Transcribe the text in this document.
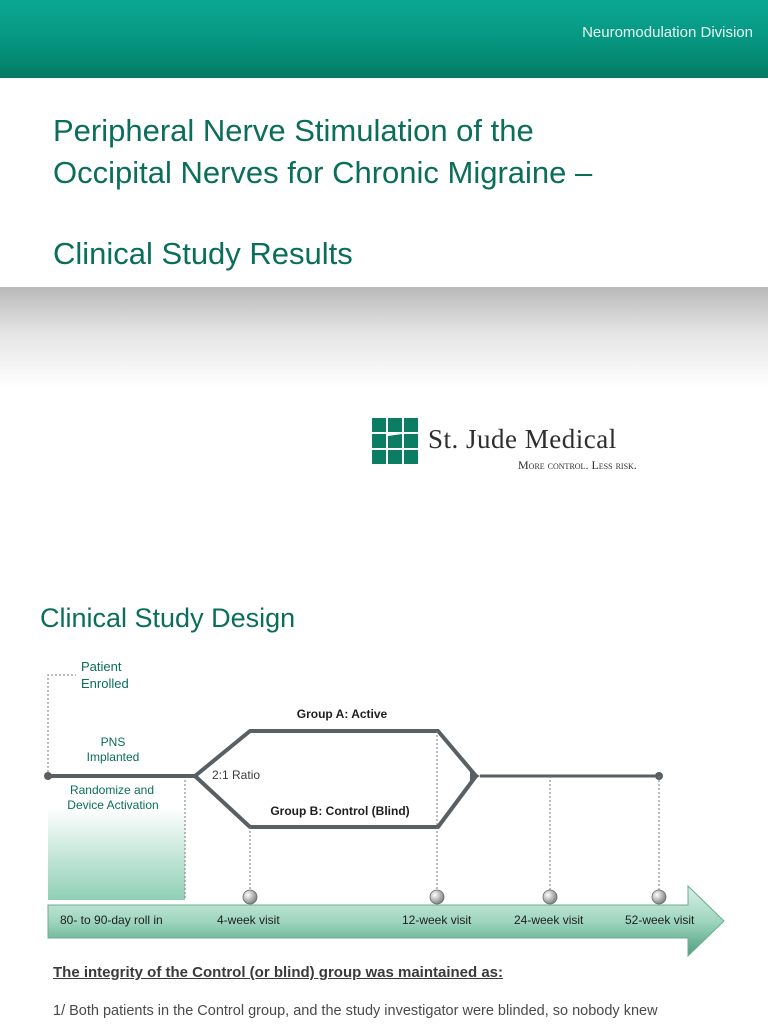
Neuromodulation Division
Peripheral Nerve Stimulation of the
Occipital Nerves for Chronic Migraine –
Clinical Study Results
St. Jude Medical
More control. Less risk.
Clinical Study Design
Patient
Enrolled
PNS
Implanted
Randomize and
Device Activation
2:1 Ratio
Group A: Active
Group B: Control (Blind)
80- to 90-day roll in	4-week visit	12-week visit	24-week visit	52-week visit
The integrity of the Control (or blind) group was maintained as:
1/ Both patients in the Control group, and the study investigator were blinded, so nobody knew
